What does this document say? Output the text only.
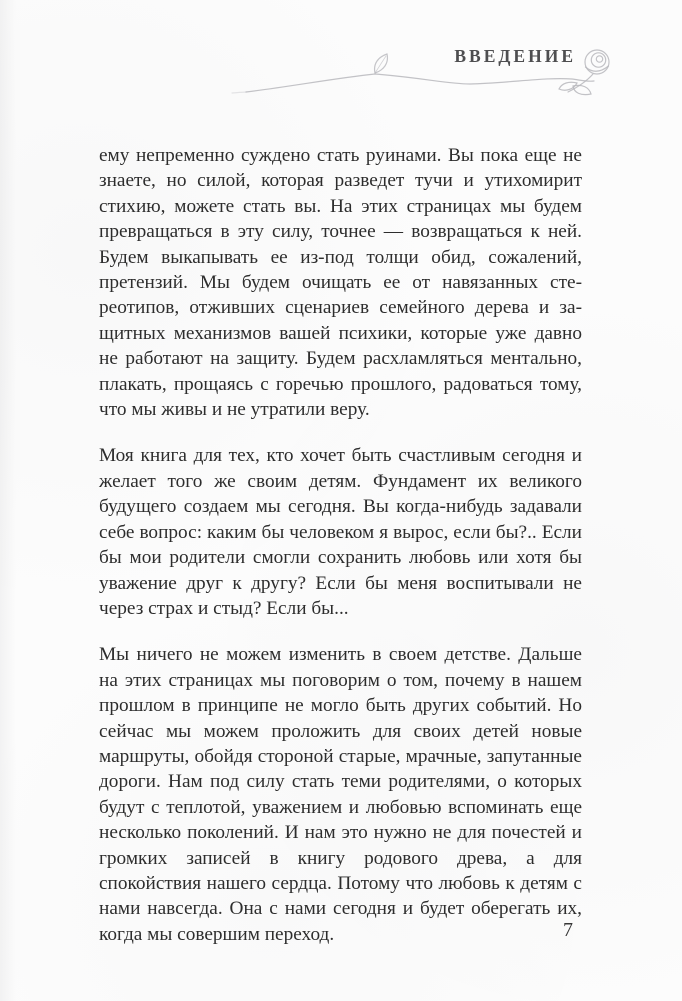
ВВЕДЕНИЕ

ему непременно суждено стать руинами. Вы пока еще не знаете, но силой, которая разведет тучи и утихомирит стихию, можете стать вы. На этих страницах мы будем превращаться в эту силу, точнее — возвращаться к ней. Будем выкапывать ее из-под толщи обид, сожалений, претензий. Мы будем очищать ее от навязанных стереотипов, отживших сценариев семейного дерева и защитных механизмов вашей психики, которые уже давно не работают на защиту. Будем расхламляться ментально, плакать, прощаясь с горечью прошлого, радоваться тому, что мы живы и не утратили веру.

Моя книга для тех, кто хочет быть счастливым сегодня и желает того же своим детям. Фундамент их великого будущего создаем мы сегодня. Вы когда-нибудь задавали себе вопрос: каким бы человеком я вырос, если бы?.. Если бы мои родители смогли сохранить любовь или хотя бы уважение друг к другу? Если бы меня воспитывали не через страх и стыд? Если бы...

Мы ничего не можем изменить в своем детстве. Дальше на этих страницах мы поговорим о том, почему в нашем прошлом в принципе не могло быть других событий. Но сейчас мы можем проложить для своих детей новые маршруты, обойдя стороной старые, мрачные, запутанные дороги. Нам под силу стать теми родителями, о которых будут с теплотой, уважением и любовью вспоминать еще несколько поколений. И нам это нужно не для почестей и громких записей в книгу родового древа, а для спокойствия нашего сердца. Потому что любовь к детям с нами навсегда. Она с нами сегодня и будет оберегать их, когда мы совершим переход.	7
